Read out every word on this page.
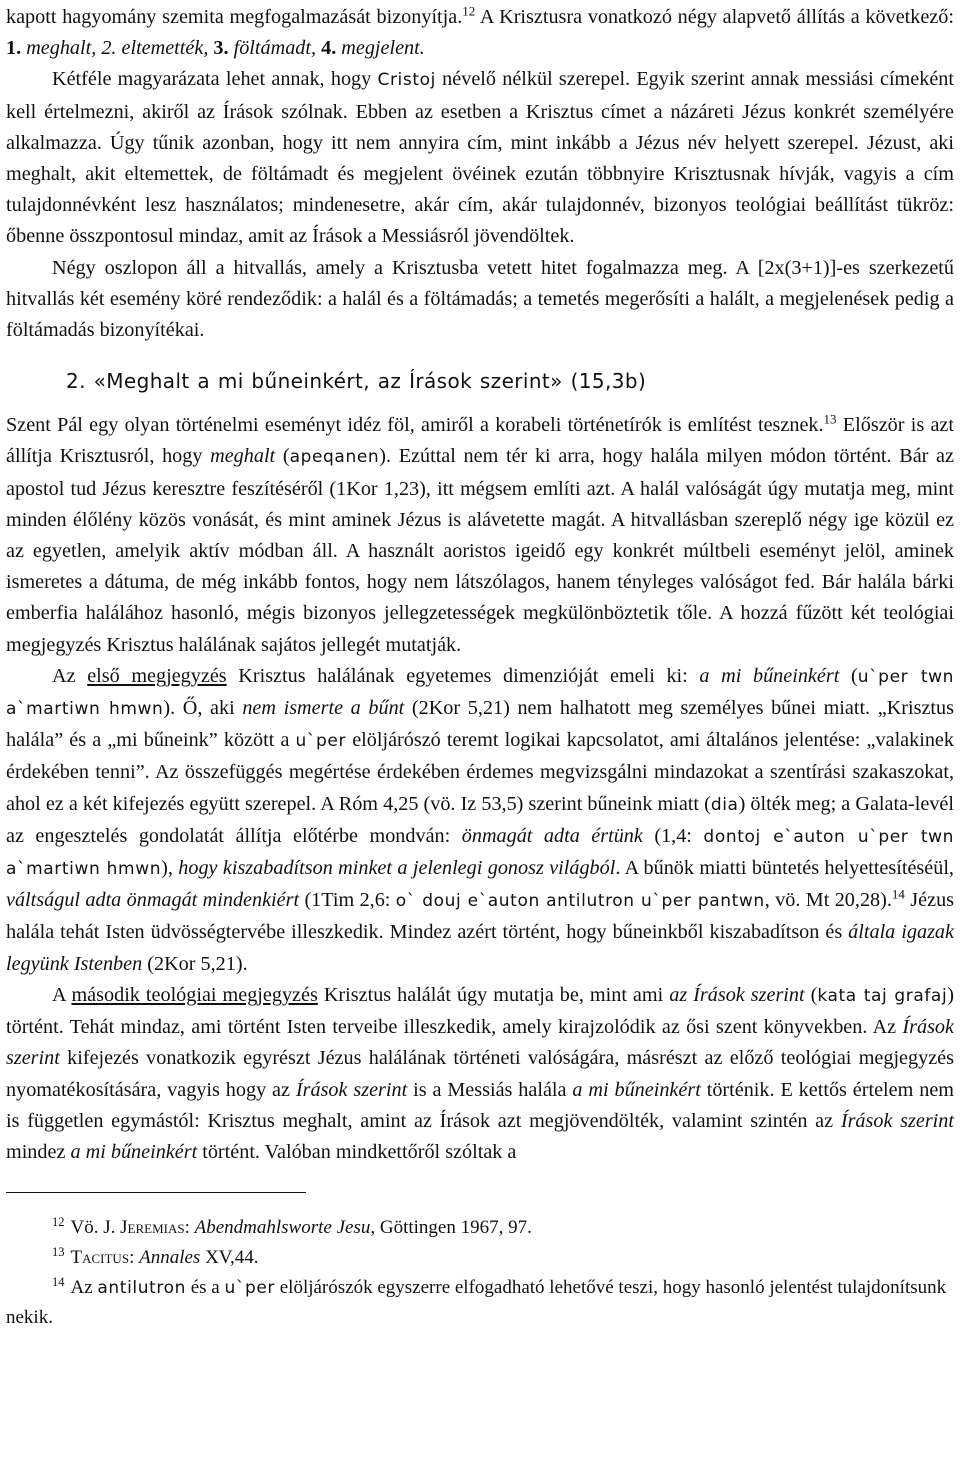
kapott hagyomány szemita megfogalmazását bizonyítja.$^{12}$ A Krisztusra vonatkozó négy alapvető állítás a következő: 1. meghalt, 2. eltemették, 3. föltámadt, 4. megjelent.

Kétféle magyarázata lehet annak, hogy Cristoj névelő nélkül szerepel. Egyik szerint annak messiási címeként kell értelmezni, akiről az Írások szólnak. Ebben az esetben a Krisztus címet a názáreti Jézus konkrét személyére alkalmazza. Úgy tűnik azonban, hogy itt nem annyira cím, mint inkább a Jézus név helyett szerepel. Jézust, aki meghalt, akit eltemettek, de föltámadt és megjelent övéinek ezután többnyire Krisztusnak hívják, vagyis a cím tulajdonnévként lesz használatos; mindenesetre, akár cím, akár tulajdonnév, bizonyos teológiai beállítást tükröz: őbenne összpontosul mindaz, amit az Írások a Messiásról jövendöltek.

Négy oszlopon áll a hitvallás, amely a Krisztusba vetett hitet fogalmazza meg. A [2x(3+1)]-es szerkezetű hitvallás két esemény köré rendeződik: a halál és a föltámadás; a temetés megerősíti a halált, a megjelenések pedig a föltámadás bizonyítékai.

2. «Meghalt a mi bűneinkért, az Írások szerint» (15,3b)

Szent Pál egy olyan történelmi eseményt idéz föl, amiről a korabeli történetírók is említést tesznek.$^{13}$ Először is azt állítja Krisztusról, hogy meghalt (apeqanen). Ezúttal nem tér ki arra, hogy halála milyen módon történt. Bár az apostol tud Jézus keresztre feszítéséről (1Kor 1,23), itt mégsem említi azt. A halál valóságát úgy mutatja meg, mint minden élőlény közös vonását, és mint aminek Jézus is alávetette magát. A hitvallásban szereplő négy ige közül ez az egyetlen, amelyik aktív módban áll. A használt aoristos igeidő egy konkrét múltbeli eseményt jelöl, aminek ismeretes a dátuma, de még inkább fontos, hogy nem látszólagos, hanem tényleges valóságot fed. Bár halála bárki emberfia halálához hasonló, mégis bizonyos jellegzetességek megkülönböztetik tőle. A hozzá fűzött két teológiai megjegyzés Krisztus halálának sajátos jellegét mutatják.

Az első megjegyzés Krisztus halálának egyetemes dimenzióját emeli ki: a mi bűneinkért (u`per twn a`martiwn hmwn). Ő, aki nem ismerte a bűnt (2Kor 5,21) nem halhatott meg személyes bűnei miatt. „Krisztus halála” és a „mi bűneink” között a u`per elöljárószó teremt logikai kapcsolatot, ami általános jelentése: „valakinek érdekében tenni”. Az összefüggés megértése érdekében érdemes megvizsgálni mindazokat a szentírási szakaszokat, ahol ez a két kifejezés együtt szerepel. A Róm 4,25 (vö. Iz 53,5) szerint bűneink miatt (dia) ölték meg; a Galata-levél az engesztelés gondolatát állítja előtérbe mondván: önmagát adta értünk (1,4: dontoj e`auton u`per twn a`martiwn hmwn), hogy kiszabadítson minket a jelenlegi gonosz világból. A bűnök miatti büntetés helyettesítéséül, váltságul adta önmagát mindenkiért (1Tim 2,6: o` douj e`auton antilutron u`per pantwn, vö. Mt 20,28).$^{14}$ Jézus halála tehát Isten üdvösségtervébe illeszkedik. Mindez azért történt, hogy bűneinkből kiszabadítson és általa igazak legyünk Istenben (2Kor 5,21).

A második teológiai megjegyzés Krisztus halálát úgy mutatja be, mint ami az Írások szerint (kata taj grafaj) történt. Tehát mindaz, ami történt Isten terveibe illeszkedik, amely kirajzolódik az ősi szent könyvekben. Az Írások szerint kifejezés vonatkozik egyrészt Jézus halálának történeti valóságára, másrészt az előző teológiai megjegyzés nyomatékosítására, vagyis hogy az Írások szerint is a Messiás halála a mi bűneinkért történik. E kettős értelem nem is független egymástól: Krisztus meghalt, amint az Írások azt megjövendölték, valamint szintén az Írások szerint mindez a mi bűneinkért történt. Valóban mindkettőről szóltak a

$^{12}$ Vö. J. Jeremias: Abendmahlsworte Jesu, Göttingen 1967, 97.

$^{13}$ Tacitus: Annales XV,44.

$^{14}$ Az antilutron és a u`per elöljárószók egyszerre elfogadható lehetővé teszi, hogy hasonló jelentést tulajdonítsunk nekik.
